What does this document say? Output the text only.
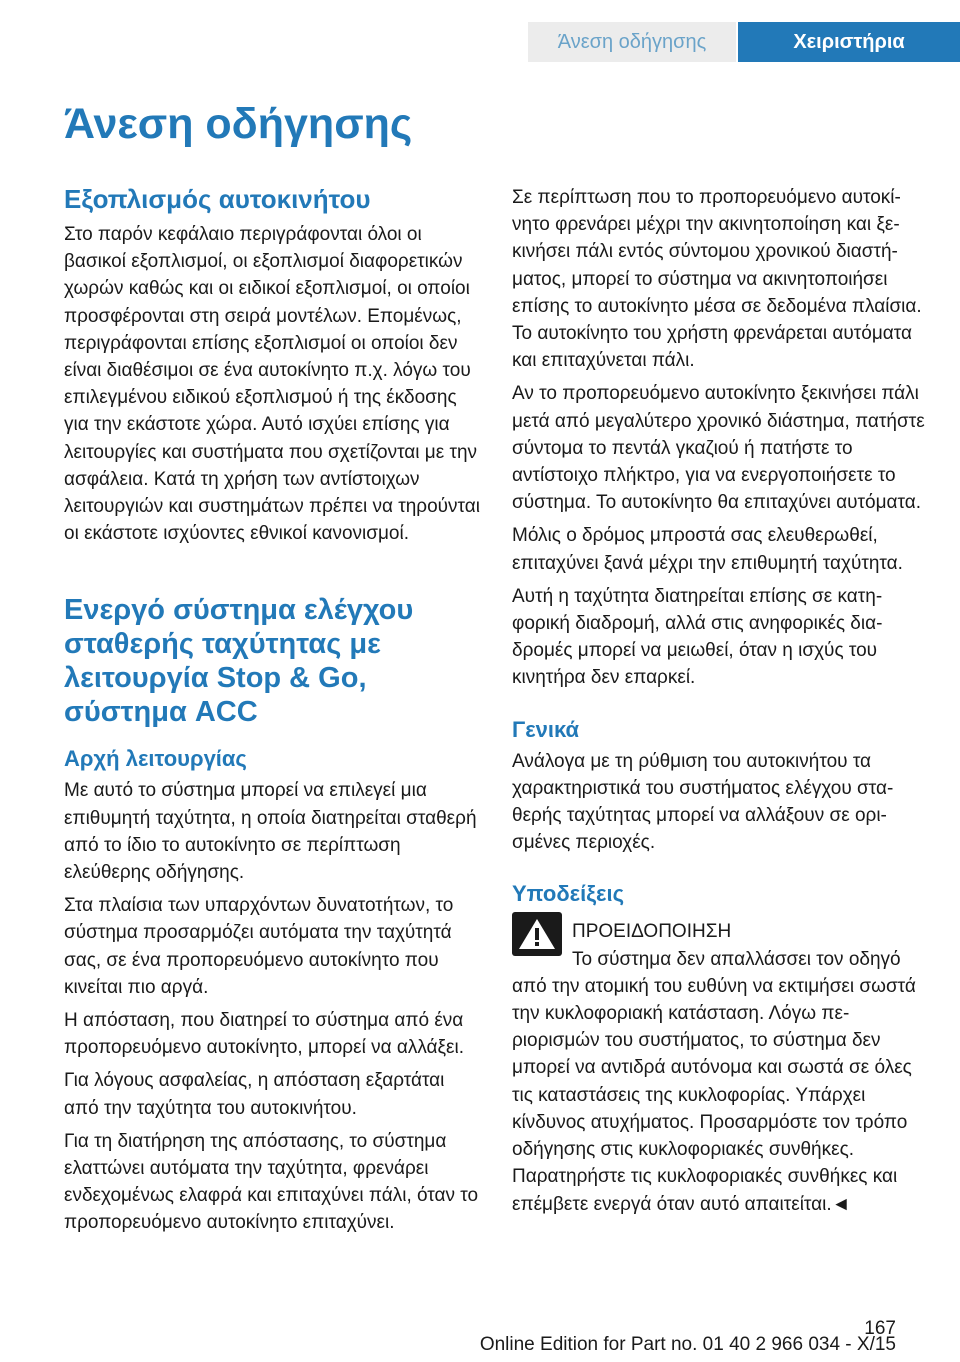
Άνεση οδήγησης	Χειριστήρια
Άνεση οδήγησης
Εξοπλισμός αυτοκινήτου

Στο παρόν κεφάλαιο περιγράφονται όλοι οι βασικοί εξοπλισμοί, οι εξοπλισμοί διαφορετικών χωρών καθώς και οι ειδικοί εξοπλισμοί, οι οποίοι προσφέρονται στη σειρά μοντέλων. Επομένως, περιγράφονται επίσης εξοπλισμοί οι οποίοι δεν είναι διαθέσιμοι σε ένα αυτοκίνητο π.χ. λόγω του επιλεγμένου ειδικού εξοπλισμού ή της έκδοσης για την εκάστοτε χώρα. Αυτό ισχύει επίσης για λειτουργίες και συστήματα που σχετίζονται με την ασφάλεια. Κατά τη χρήση των αντίστοιχων λειτουργιών και συστημάτων πρέπει να τηρούνται οι εκάστοτε ισχύοντες εθνικοί κανονισμοί.

Ενεργό σύστημα ελέγχου σταθερής ταχύτητας με λειτουργία Stop & Go, σύστημα ACC
Αρχή λειτουργίας

Με αυτό το σύστημα μπορεί να επιλεγεί μια επιθυμητή ταχύτητα, η οποία διατηρείται σταθερή από το ίδιο το αυτοκίνητο σε περίπτωση ελεύθερης οδήγησης.

Στα πλαίσια των υπαρχόντων δυνατοτήτων, το σύστημα προσαρμόζει αυτόματα την ταχύτητά σας, σε ένα προπορευόμενο αυτοκίνητο που κινείται πιο αργά.

Η απόσταση, που διατηρεί το σύστημα από ένα προπορευόμενο αυτοκίνητο, μπορεί να αλλάξει.

Για λόγους ασφαλείας, η απόσταση εξαρτάται από την ταχύτητα του αυτοκινήτου.

Για τη διατήρηση της απόστασης, το σύστημα ελαττώνει αυτόματα την ταχύτητα, φρενάρει ενδεχομένως ελαφρά και επιταχύνει πάλι, όταν το προπορευόμενο αυτοκίνητο επιταχύνει.

Σε περίπτωση που το προπορευόμενο αυτοκίνητο φρενάρει μέχρι την ακινητοποίηση και ξεκινήσει πάλι εντός σύντομου χρονικού διαστήματος, μπορεί το σύστημα να ακινητοποιήσει επίσης το αυτοκίνητο μέσα σε δεδομένα πλαίσια. Το αυτοκίνητο του χρήστη φρενάρεται αυτόματα και επιταχύνεται πάλι.

Αν το προπορευόμενο αυτοκίνητο ξεκινήσει πάλι μετά από μεγαλύτερο χρονικό διάστημα, πατήστε σύντομα το πεντάλ γκαζιού ή πατήστε το αντίστοιχο πλήκτρο, για να ενεργοποιήσετε το σύστημα. Το αυτοκίνητο θα επιταχύνει αυτόματα.

Μόλις ο δρόμος μπροστά σας ελευθερωθεί, επιταχύνει ξανά μέχρι την επιθυμητή ταχύτητα.

Αυτή η ταχύτητα διατηρείται επίσης σε κατηφορική διαδρομή, αλλά στις ανηφορικές διαδρομές μπορεί να μειωθεί, όταν η ισχύς του κινητήρα δεν επαρκεί.

Γενικά

Ανάλογα με τη ρύθμιση του αυτοκινήτου τα χαρακτηριστικά του συστήματος ελέγχου σταθερής ταχύτητας μπορεί να αλλάξουν σε ορισμένες περιοχές.

Υποδείξεις
ΠΡΟΕΙΔΟΠΟΙΗΣΗ
Το σύστημα δεν απαλλάσσει τον οδηγό

από την ατομική του ευθύνη να εκτιμήσει σωστά την κυκλοφοριακή κατάσταση. Λόγω περιορισμών του συστήματος, το σύστημα δεν μπορεί να αντιδρά αυτόνομα και σωστά σε όλες τις καταστάσεις της κυκλοφορίας. Υπάρχει κίνδυνος ατυχήματος. Προσαρμόστε τον τρόπο οδήγησης στις κυκλοφοριακές συνθήκες. Παρατηρήστε τις κυκλοφοριακές συνθήκες και επέμβετε ενεργά όταν αυτό απαιτείται.◄

167
Online Edition for Part no. 01 40 2 966 034 - X/15
